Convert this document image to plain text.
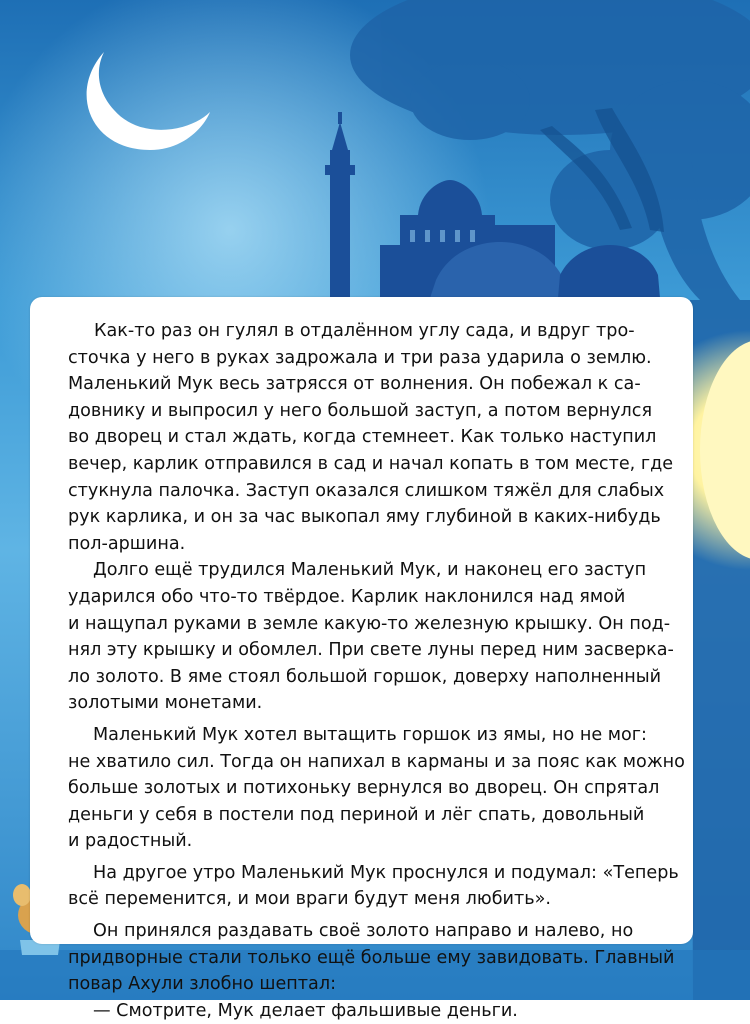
Как-то раз он гулял в отдалённом углу сада, и вдруг тро-
сточка у него в руках задрожала и три раза ударила о землю.
Маленький Мук весь затрясся от волнения. Он побежал к са-
довнику и выпросил у него большой заступ, а потом вернулся
во дворец и стал ждать, когда стемнеет. Как только наступил
вечер, карлик отправился в сад и начал копать в том месте, где
стукнула палочка. Заступ оказался слишком тяжёл для слабых
рук карлика, и он за час выкопал яму глубиной в каких-нибудь
пол-аршина.
Долго ещё трудился Маленький Мук, и наконец его заступ
ударился обо что-то твёрдое. Карлик наклонился над ямой
и нащупал руками в земле какую-то железную крышку. Он под-
нял эту крышку и обомлел. При свете луны перед ним засверка-
ло золото. В яме стоял большой горшок, доверху наполненный
золотыми монетами.
Маленький Мук хотел вытащить горшок из ямы, но не мог:
не хватило сил. Тогда он напихал в карманы и за пояс как можно
больше золотых и потихоньку вернулся во дворец. Он спрятал
деньги у себя в постели под периной и лёг спать, довольный
и радостный.
На другое утро Маленький Мук проснулся и подумал: «Теперь
всё переменится, и мои враги будут меня любить».
Он принялся раздавать своё золото направо и налево, но
придворные стали только ещё больше ему завидовать. Главный
повар Ахули злобно шептал:
— Смотрите, Мук делает фальшивые деньги.
